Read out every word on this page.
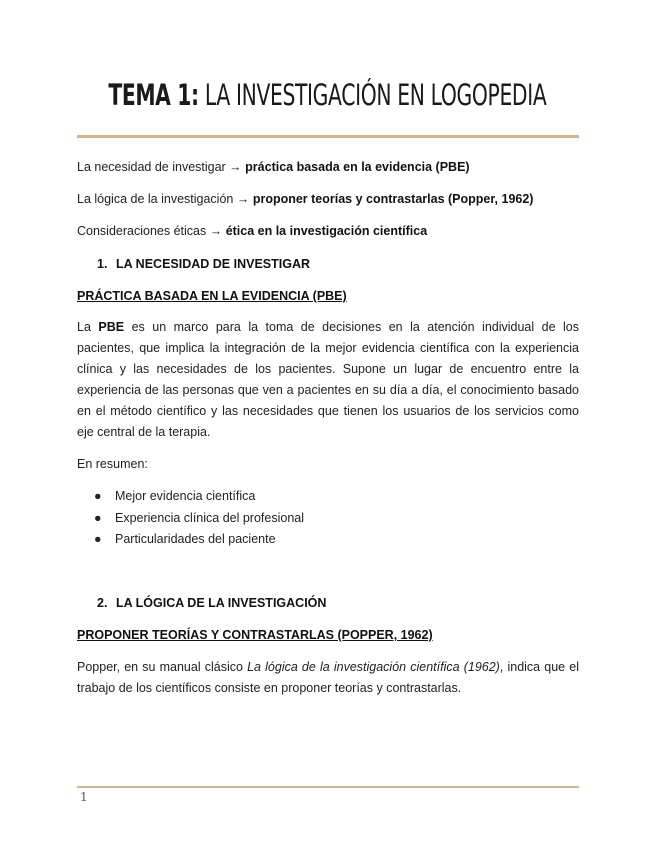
TEMA 1: LA INVESTIGACIÓN EN LOGOPEDIA
La necesidad de investigar → práctica basada en la evidencia (PBE)
La lógica de la investigación → proponer teorías y contrastarlas (Popper, 1962)
Consideraciones éticas → ética en la investigación científica
1. LA NECESIDAD DE INVESTIGAR
PRÁCTICA BASADA EN LA EVIDENCIA (PBE)
La PBE es un marco para la toma de decisiones en la atención individual de los pacientes, que implica la integración de la mejor evidencia científica con la experiencia clínica y las necesidades de los pacientes. Supone un lugar de encuentro entre la experiencia de las personas que ven a pacientes en su día a día, el conocimiento basado en el método científico y las necesidades que tienen los usuarios de los servicios como eje central de la terapia.
En resumen:
● Mejor evidencia científica
● Experiencia clínica del profesional
● Particularidades del paciente
2. LA LÓGICA DE LA INVESTIGACIÓN
PROPONER TEORÍAS Y CONTRASTARLAS (POPPER, 1962)
Popper, en su manual clásico La lógica de la investigación científica (1962), indica que el trabajo de los científicos consiste en proponer teorías y contrastarlas.
1
